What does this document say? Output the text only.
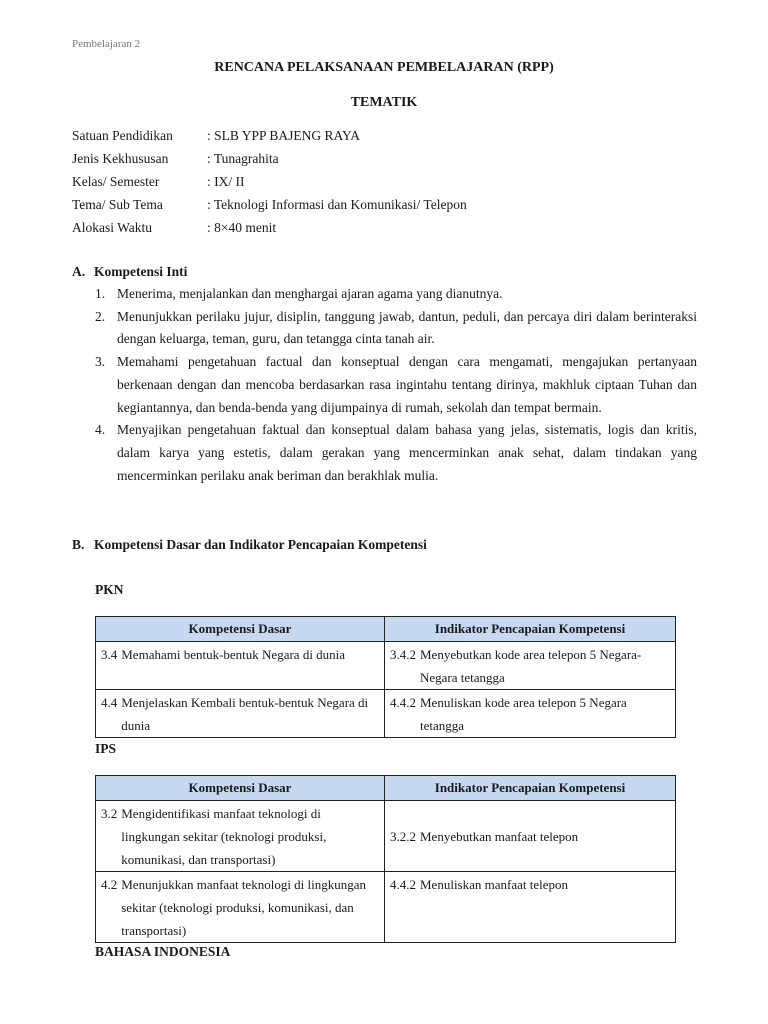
Pembelajaran 2
RENCANA PELAKSANAAN PEMBELAJARAN (RPP)
TEMATIK
Satuan Pendidikan	: SLB YPP BAJENG RAYA
Jenis Kekhususan	: Tunagrahita
Kelas/ Semester	: IX/ II
Tema/ Sub Tema	: Teknologi Informasi dan Komunikasi/ Telepon
Alokasi Waktu	: 8×40 menit
A. Kompetensi Inti
1. Menerima, menjalankan dan menghargai ajaran agama yang dianutnya.
2. Menunjukkan perilaku jujur, disiplin, tanggung jawab, dantun, peduli, dan percaya diri dalam berinteraksi dengan keluarga, teman, guru, dan tetangga cinta tanah air.
3. Memahami pengetahuan factual dan konseptual dengan cara mengamati, mengajukan pertanyaan berkenaan dengan dan mencoba berdasarkan rasa ingintahu tentang dirinya, makhluk ciptaan Tuhan dan kegiantannya, dan benda-benda yang dijumpainya di rumah, sekolah dan tempat bermain.
4. Menyajikan pengetahuan faktual dan konseptual dalam bahasa yang jelas, sistematis, logis dan kritis, dalam karya yang estetis, dalam gerakan yang mencerminkan anak sehat, dalam tindakan yang mencerminkan perilaku anak beriman dan berakhlak mulia.
B. Kompetensi Dasar dan Indikator Pencapaian Kompetensi
PKN
Kompetensi Dasar	Indikator Pencapaian Kompetensi

3.4 Memahami bentuk-bentuk Negara di dunia	3.4.2 Menyebutkan kode area telepon 5 Negara-Negara tetangga

4.4 Menjelaskan Kembali bentuk-bentuk Negara di dunia	4.4.2 Menuliskan kode area telepon 5 Negara tetangga
IPS
Kompetensi Dasar	Indikator Pencapaian Kompetensi

3.2 Mengidentifikasi manfaat teknologi di lingkungan sekitar (teknologi produksi, komunikasi, dan transportasi)	3.2.2 Menyebutkan manfaat telepon

4.2 Menunjukkan manfaat teknologi di lingkungan sekitar (teknologi produksi, komunikasi, dan transportasi)	4.4.2 Menuliskan manfaat telepon
BAHASA INDONESIA
